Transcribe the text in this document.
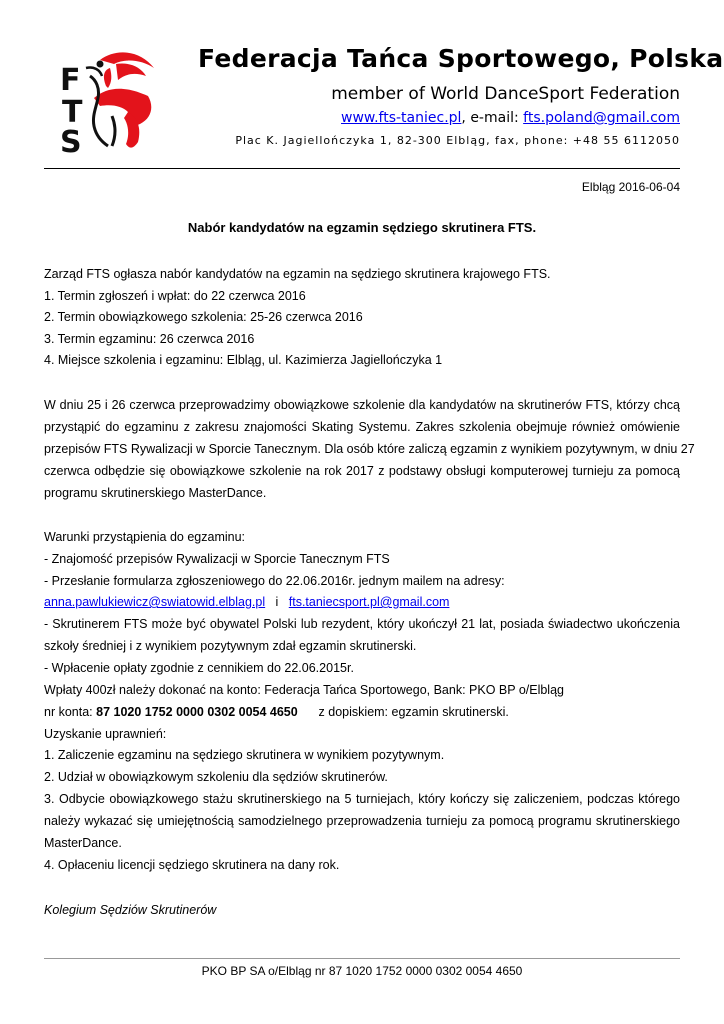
F
T
S
Federacja Tańca Sportowego, Polska
member of World DanceSport Federation
www.fts-taniec.pl, e-mail: fts.poland@gmail.com
Plac K. Jagiellończyka 1, 82-300 Elbląg, fax, phone: +48 55 6112050
Elbląg 2016-06-04
Nabór kandydatów na egzamin sędziego skrutinera FTS.
Zarząd FTS ogłasza nabór kandydatów na egzamin na sędziego skrutinera krajowego FTS.
1. Termin zgłoszeń i wpłat: do 22 czerwca 2016
2. Termin obowiązkowego szkolenia: 25-26 czerwca 2016
3. Termin egzaminu: 26 czerwca 2016
4. Miejsce szkolenia i egzaminu: Elbląg, ul. Kazimierza Jagiellończyka 1
W dniu 25 i 26 czerwca przeprowadzimy obowiązkowe szkolenie dla kandydatów na skrutinerów FTS, którzy chcą
przystąpić do egzaminu z zakresu znajomości Skating Systemu. Zakres szkolenia obejmuje również omówienie
przepisów FTS Rywalizacji w Sporcie Tanecznym. Dla osób które zaliczą egzamin z wynikiem pozytywnym, w dniu 27
czerwca odbędzie się obowiązkowe szkolenie na rok 2017 z podstawy obsługi komputerowej turnieju za pomocą
programu skrutinerskiego MasterDance.
Warunki przystąpienia do egzaminu:
- Znajomość przepisów Rywalizacji w Sporcie Tanecznym FTS
- Przesłanie formularza zgłoszeniowego do 22.06.2016r. jednym mailem na adresy:
anna.pawlukiewicz@swiatowid.elblag.pl   i   fts.taniecsport.pl@gmail.com
- Skrutinerem FTS może być obywatel Polski lub rezydent, który ukończył 21 lat, posiada świadectwo ukończenia
szkoły średniej i z wynikiem pozytywnym zdał egzamin skrutinerski.
- Wpłacenie opłaty zgodnie z cennikiem do 22.06.2015r.
Wpłaty 400zł należy dokonać na konto: Federacja Tańca Sportowego, Bank: PKO BP o/Elbląg
nr konta: 87 1020 1752 0000 0302 0054 4650      z dopiskiem: egzamin skrutinerski.
Uzyskanie uprawnień:
1. Zaliczenie egzaminu na sędziego skrutinera w wynikiem pozytywnym.
2. Udział w obowiązkowym szkoleniu dla sędziów skrutinerów.
3. Odbycie obowiązkowego stażu skrutinerskiego na 5 turniejach, który kończy się zaliczeniem, podczas którego
należy wykazać się umiejętnością samodzielnego przeprowadzenia turnieju za pomocą programu skrutinerskiego
MasterDance.
4. Opłaceniu licencji sędziego skrutinera na dany rok.
Kolegium Sędziów Skrutinerów
PKO BP SA o/Elbląg nr 87 1020 1752 0000 0302 0054 4650
